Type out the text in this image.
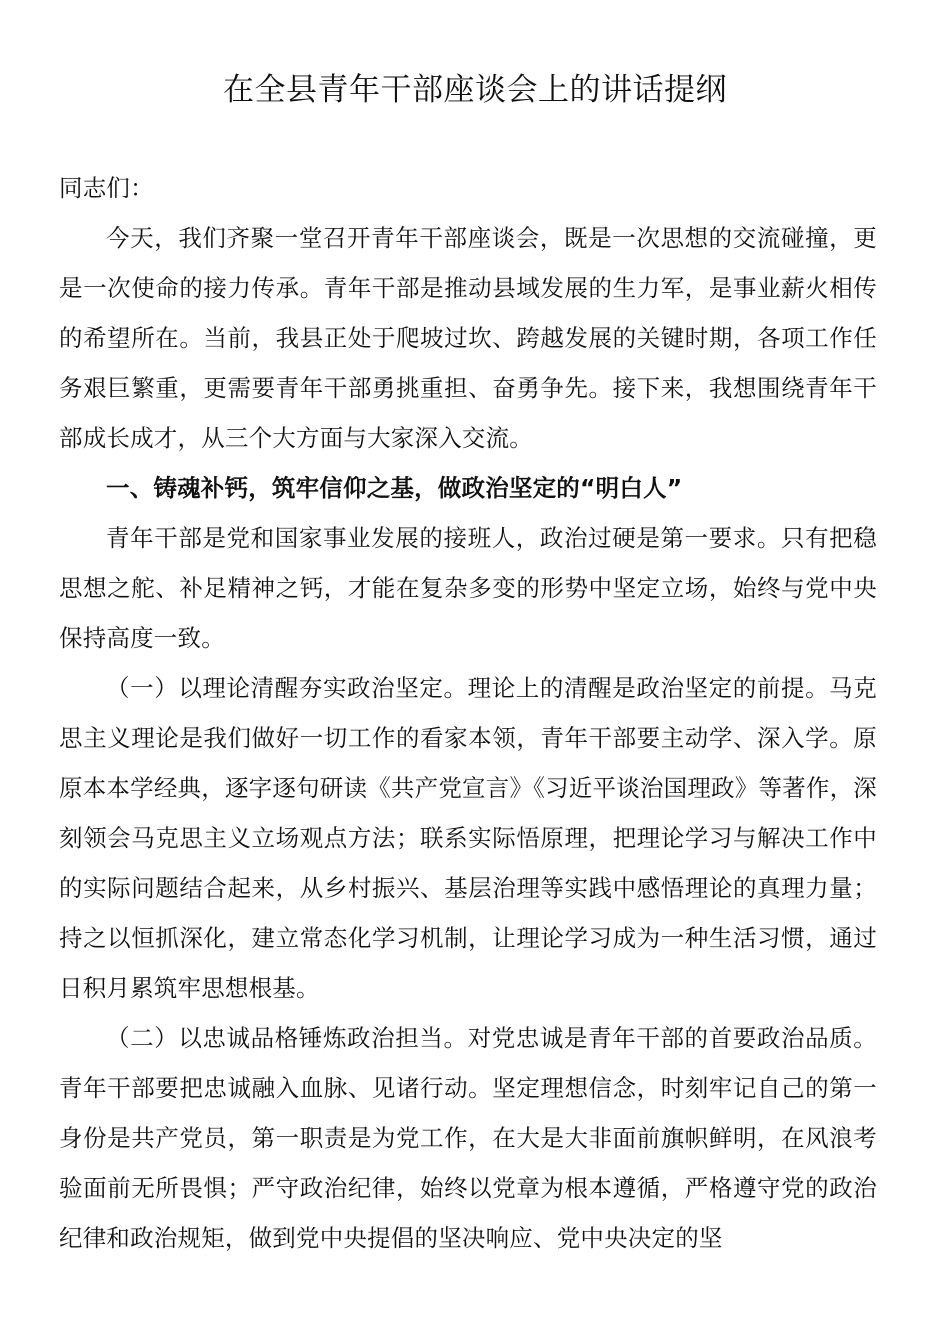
在全县青年干部座谈会上的讲话提纲
同志们：

今天，我们齐聚一堂召开青年干部座谈会，既是一次思想的交流碰撞，更是一次使命的接力传承。青年干部是推动县域发展的生力军，是事业薪火相传的希望所在。当前，我县正处于爬坡过坎、跨越发展的关键时期，各项工作任务艰巨繁重，更需要青年干部勇挑重担、奋勇争先。接下来，我想围绕青年干部成长成才，从三个大方面与大家深入交流。

一、铸魂补钙，筑牢信仰之基，做政治坚定的“明白人”

青年干部是党和国家事业发展的接班人，政治过硬是第一要求。只有把稳思想之舵、补足精神之钙，才能在复杂多变的形势中坚定立场，始终与党中央保持高度一致。

（一）以理论清醒夯实政治坚定。理论上的清醒是政治坚定的前提。马克思主义理论是我们做好一切工作的看家本领，青年干部要主动学、深入学。原原本本学经典，逐字逐句研读《共产党宣言》《习近平谈治国理政》等著作，深刻领会马克思主义立场观点方法；联系实际悟原理，把理论学习与解决工作中的实际问题结合起来，从乡村振兴、基层治理等实践中感悟理论的真理力量；持之以恒抓深化，建立常态化学习机制，让理论学习成为一种生活习惯，通过日积月累筑牢思想根基。

（二）以忠诚品格锤炼政治担当。对党忠诚是青年干部的首要政治品质。青年干部要把忠诚融入血脉、见诸行动。坚定理想信念，时刻牢记自己的第一身份是共产党员，第一职责是为党工作，在大是大非面前旗帜鲜明，在风浪考验面前无所畏惧；严守政治纪律，始终以党章为根本遵循，严格遵守党的政治纪律和政治规矩，做到党中央提倡的坚决响应、党中央决定的坚
